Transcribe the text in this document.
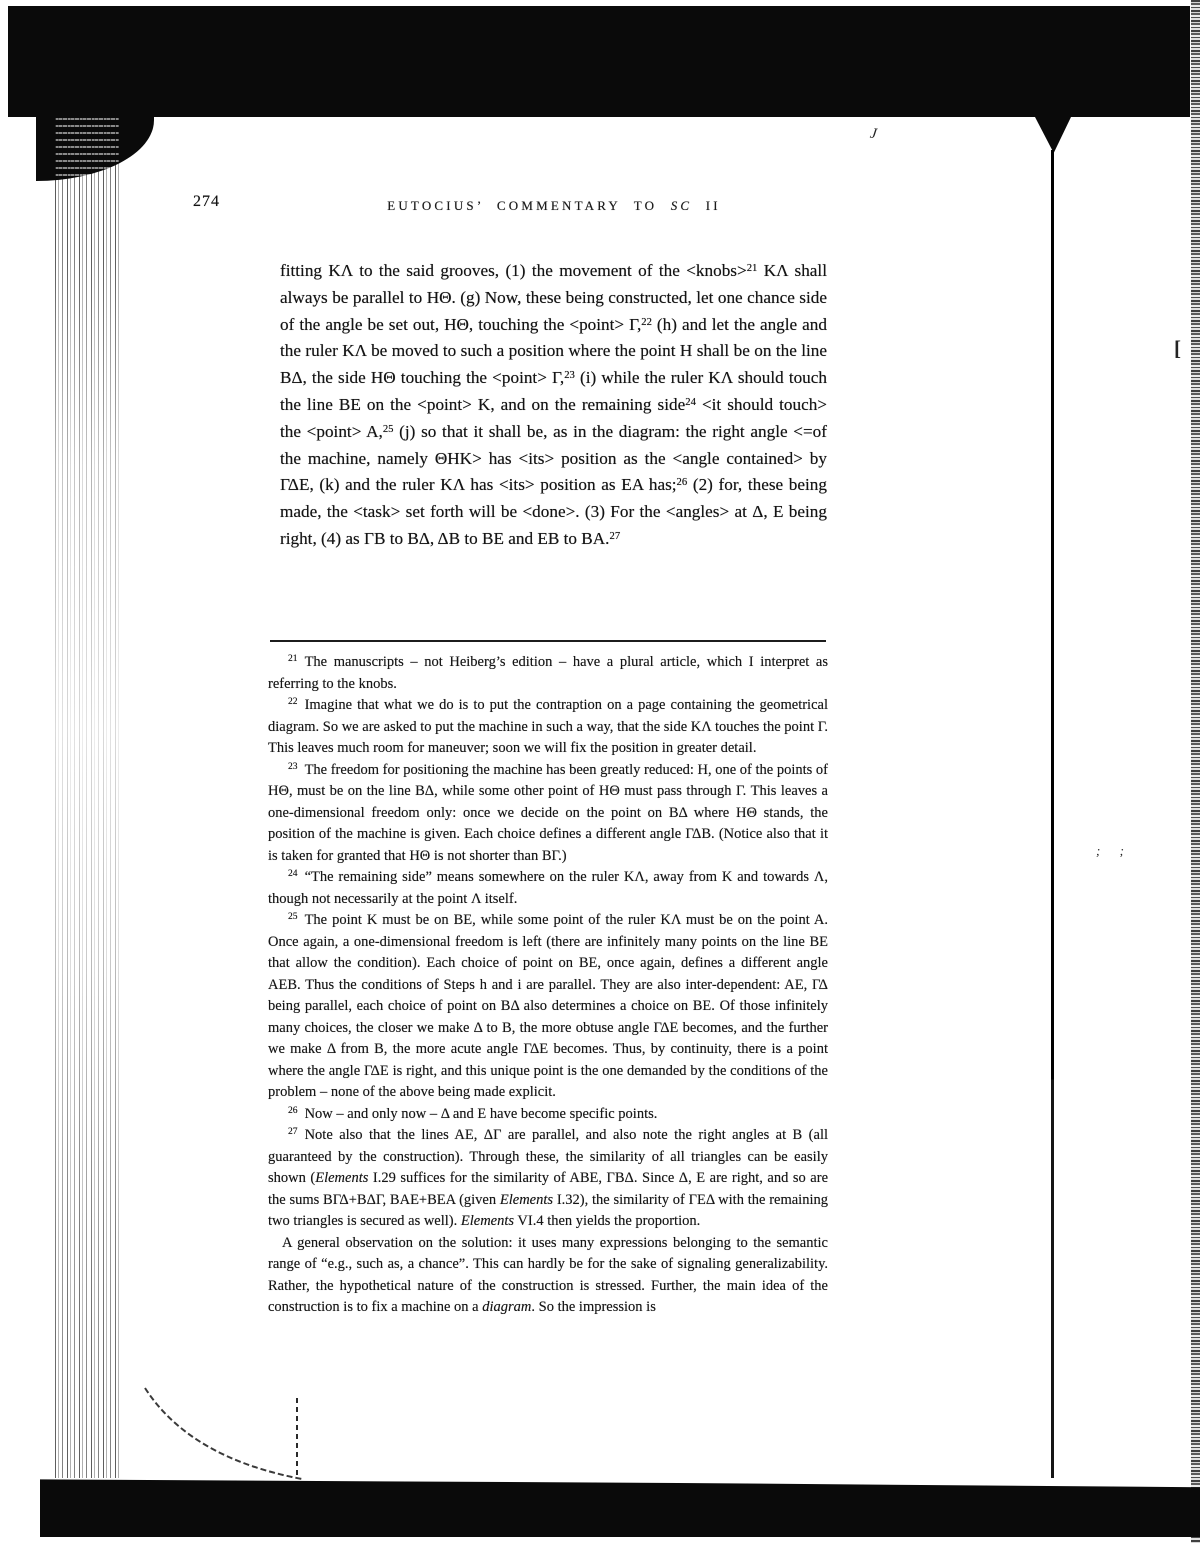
J
[
; ;
274	EUTOCIUS’ COMMENTARY TO SC II
fitting KΛ to the said grooves, (1) the movement of the <knobs>$^{21}$ KΛ shall always be parallel to HΘ. (g) Now, these being constructed, let one chance side of the angle be set out, HΘ, touching the <point> Γ,$^{22}$ (h) and let the angle and the ruler KΛ be moved to such a position where the point H shall be on the line BΔ, the side HΘ touching the <point> Γ,$^{23}$ (i) while the ruler KΛ should touch the line BE on the <point> K, and on the remaining side$^{24}$ <it should touch> the <point> A,$^{25}$ (j) so that it shall be, as in the diagram: the right angle <=of the machine, namely ΘHK> has <its> position as the <angle contained> by ΓΔE, (k) and the ruler KΛ has <its> position as EA has;$^{26}$ (2) for, these being made, the <task> set forth will be <done>. (3) For the <angles> at Δ, E being right, (4) as ΓB to BΔ, ΔB to BE and EB to BA.$^{27}$
$^{21}$ The manuscripts – not Heiberg’s edition – have a plural article, which I interpret as referring to the knobs.
$^{22}$ Imagine that what we do is to put the contraption on a page containing the geometrical diagram. So we are asked to put the machine in such a way, that the side KΛ touches the point Γ. This leaves much room for maneuver; soon we will fix the position in greater detail.
$^{23}$ The freedom for positioning the machine has been greatly reduced: H, one of the points of HΘ, must be on the line BΔ, while some other point of HΘ must pass through Γ. This leaves a one-dimensional freedom only: once we decide on the point on BΔ where HΘ stands, the position of the machine is given. Each choice defines a different angle ΓΔB. (Notice also that it is taken for granted that HΘ is not shorter than BΓ.)
$^{24}$ “The remaining side” means somewhere on the ruler KΛ, away from K and towards Λ, though not necessarily at the point Λ itself.
$^{25}$ The point K must be on BE, while some point of the ruler KΛ must be on the point A. Once again, a one-dimensional freedom is left (there are infinitely many points on the line BE that allow the condition). Each choice of point on BE, once again, defines a different angle AEB. Thus the conditions of Steps h and i are parallel. They are also inter-dependent: AE, ΓΔ being parallel, each choice of point on BΔ also determines a choice on BE. Of those infinitely many choices, the closer we make Δ to B, the more obtuse angle ΓΔE becomes, and the further we make Δ from B, the more acute angle ΓΔE becomes. Thus, by continuity, there is a point where the angle ΓΔE is right, and this unique point is the one demanded by the conditions of the problem – none of the above being made explicit.
$^{26}$ Now – and only now – Δ and E have become specific points.
$^{27}$ Note also that the lines AE, ΔΓ are parallel, and also note the right angles at B (all guaranteed by the construction). Through these, the similarity of all triangles can be easily shown (Elements I.29 suffices for the similarity of ABE, ΓBΔ. Since Δ, E are right, and so are the sums BΓΔ+BΔΓ, BAE+BEA (given Elements I.32), the similarity of ΓEΔ with the remaining two triangles is secured as well). Elements VI.4 then yields the proportion.
A general observation on the solution: it uses many expressions belonging to the semantic range of “e.g., such as, a chance”. This can hardly be for the sake of signaling generalizability. Rather, the hypothetical nature of the construction is stressed. Further, the main idea of the construction is to fix a machine on a diagram. So the impression is
